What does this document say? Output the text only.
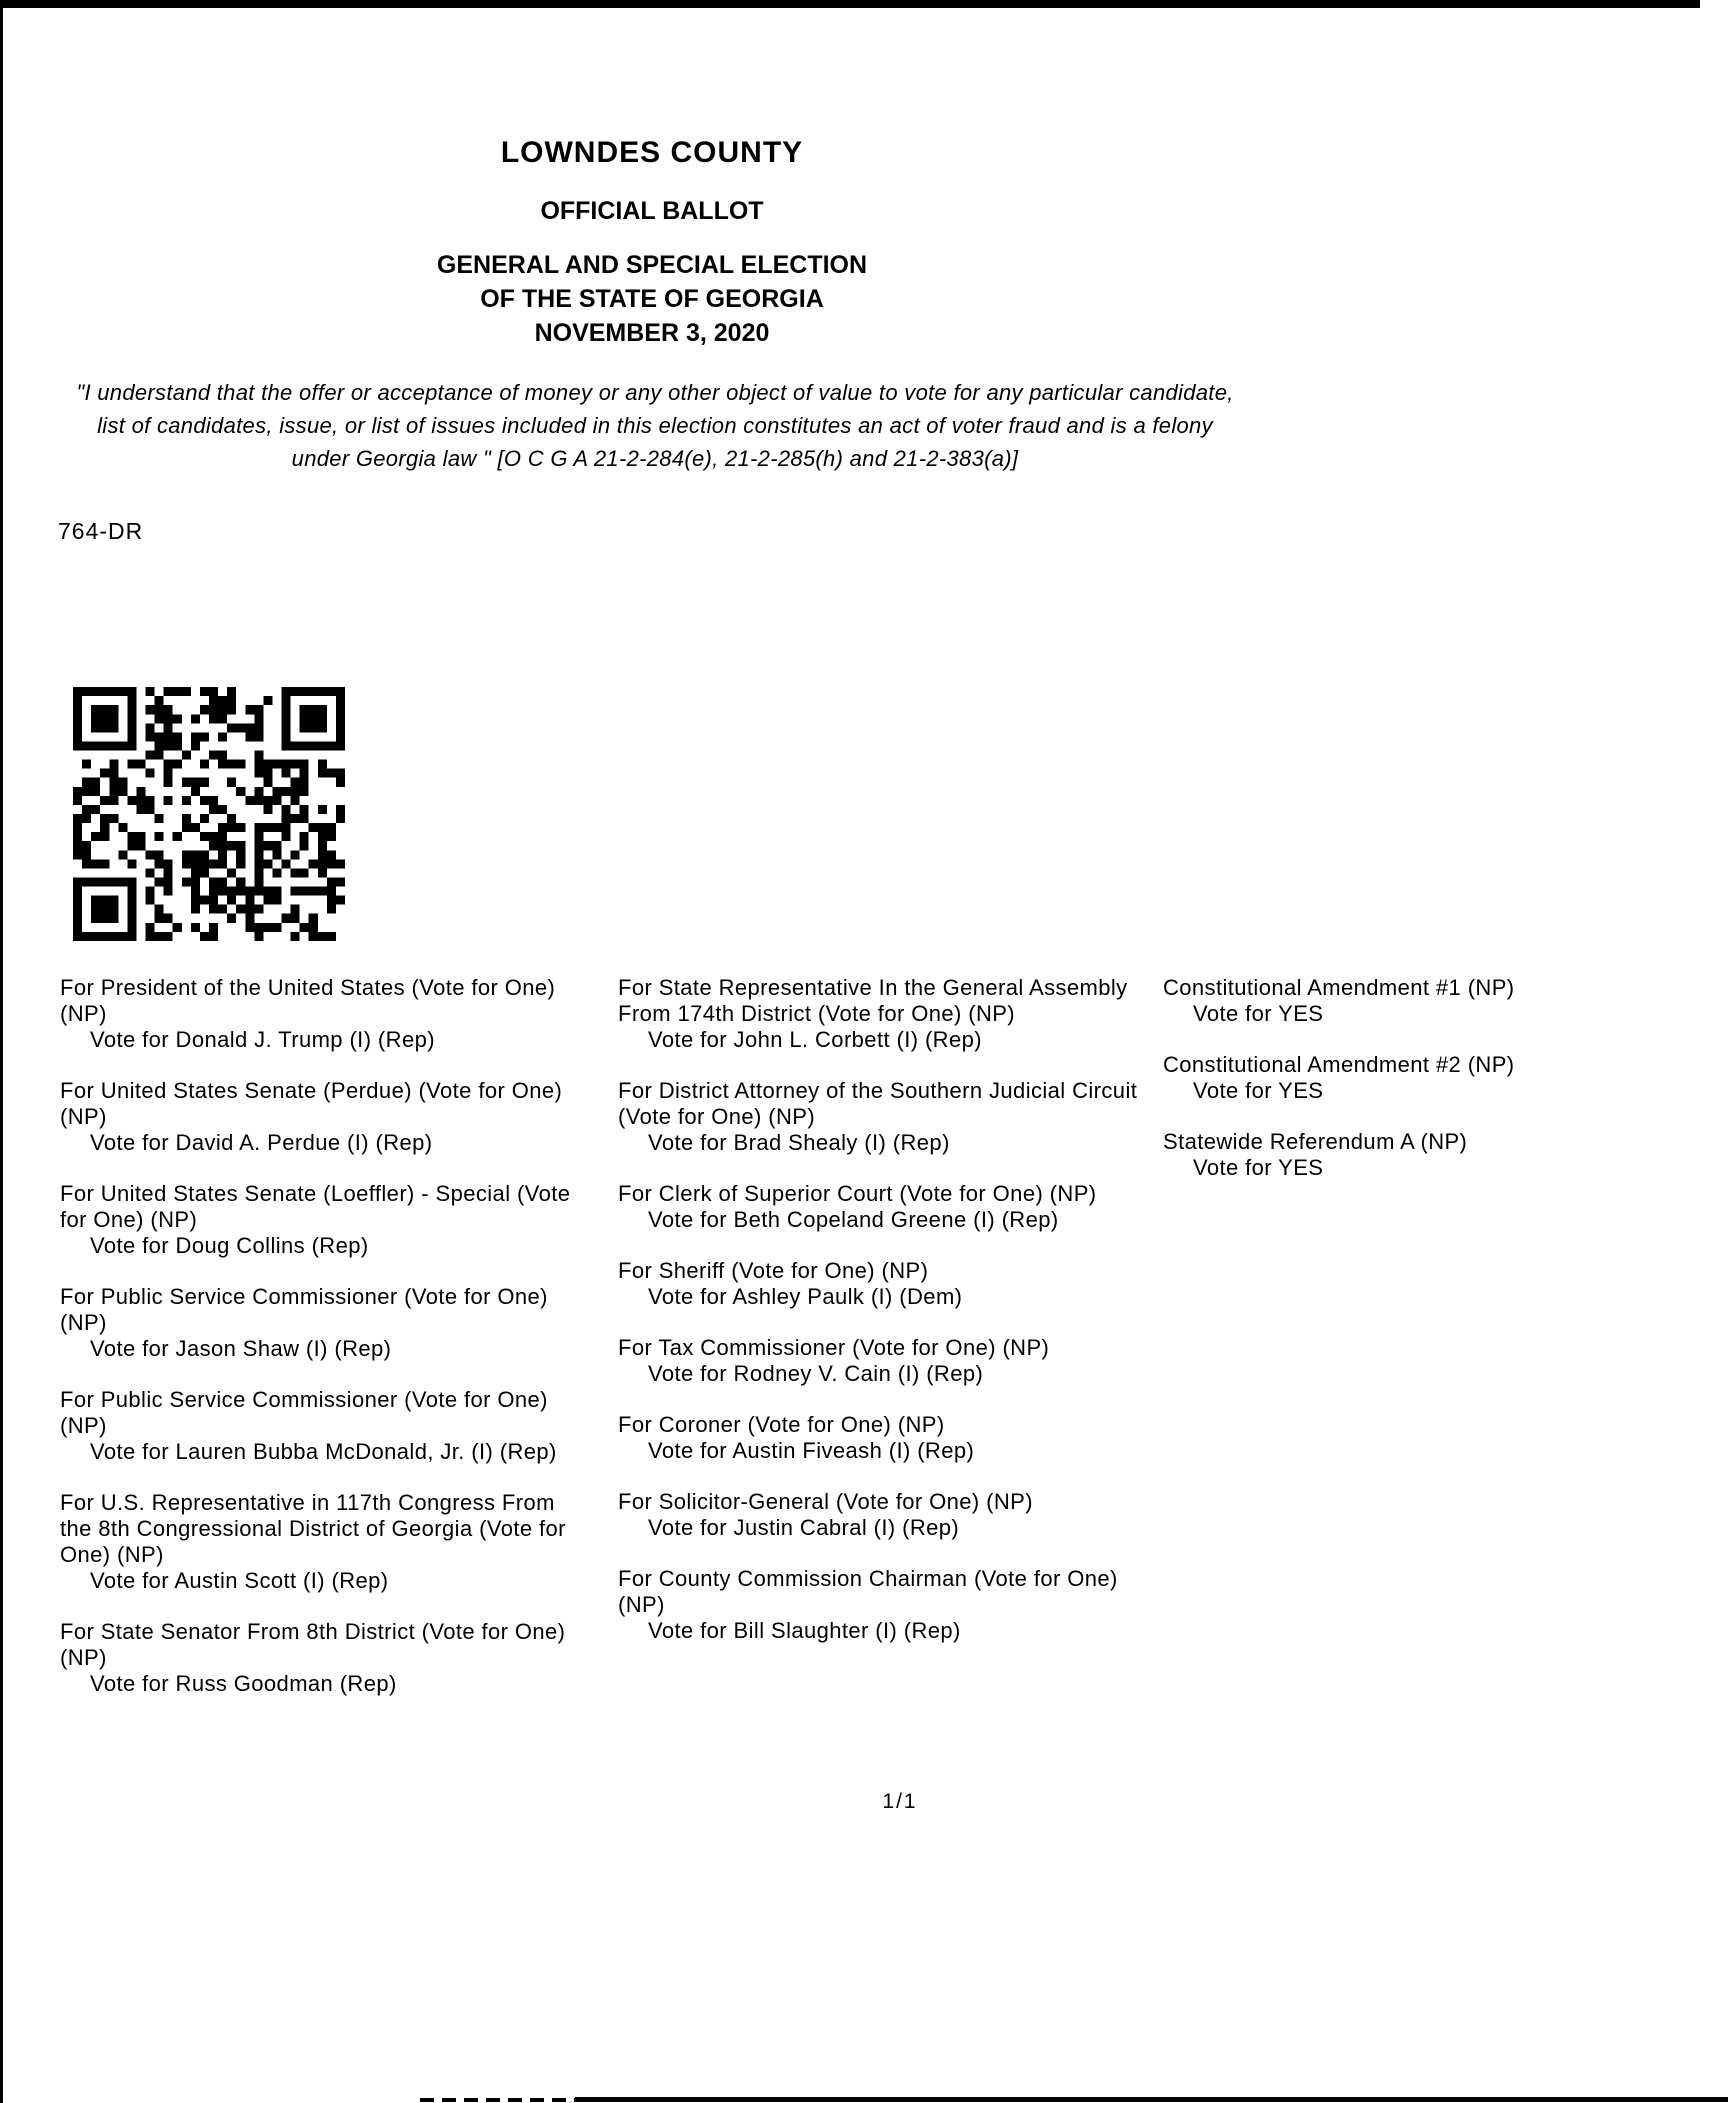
LOWNDES COUNTY
OFFICIAL BALLOT
GENERAL AND SPECIAL ELECTION
OF THE STATE OF GEORGIA
NOVEMBER 3, 2020
"I understand that the offer or acceptance of money or any other object of value to vote for any particular candidate,
list of candidates, issue, or list of issues included in this election constitutes an act of voter fraud and is a felony
under Georgia law " [O C G A 21-2-284(e), 21-2-285(h) and 21-2-383(a)]
764-DR

For President of the United States (Vote for One) (NP)

Vote for Donald J. Trump (I) (Rep)

For United States Senate (Perdue) (Vote for One) (NP)

Vote for David A. Perdue (I) (Rep)

For United States Senate (Loeffler) - Special (Vote for One) (NP)

Vote for Doug Collins (Rep)

For Public Service Commissioner (Vote for One) (NP)

Vote for Jason Shaw (I) (Rep)

For Public Service Commissioner (Vote for One) (NP)

Vote for Lauren Bubba McDonald, Jr. (I) (Rep)

For U.S. Representative in 117th Congress From the 8th Congressional District of Georgia (Vote for One) (NP)

Vote for Austin Scott (I) (Rep)

For State Senator From 8th District (Vote for One) (NP)

Vote for Russ Goodman (Rep)

For State Representative In the General Assembly From 174th District (Vote for One) (NP)

Vote for John L. Corbett (I) (Rep)

For District Attorney of the Southern Judicial Circuit (Vote for One) (NP)

Vote for Brad Shealy (I) (Rep)

For Clerk of Superior Court (Vote for One) (NP)

Vote for Beth Copeland Greene (I) (Rep)

For Sheriff (Vote for One) (NP)

Vote for Ashley Paulk (I) (Dem)

For Tax Commissioner (Vote for One) (NP)

Vote for Rodney V. Cain (I) (Rep)

For Coroner (Vote for One) (NP)

Vote for Austin Fiveash (I) (Rep)

For Solicitor-General (Vote for One) (NP)

Vote for Justin Cabral (I) (Rep)

For County Commission Chairman (Vote for One) (NP)

Vote for Bill Slaughter (I) (Rep)

Constitutional Amendment #1 (NP)

Vote for YES

Constitutional Amendment #2 (NP)

Vote for YES

Statewide Referendum A (NP)

Vote for YES

1/1
